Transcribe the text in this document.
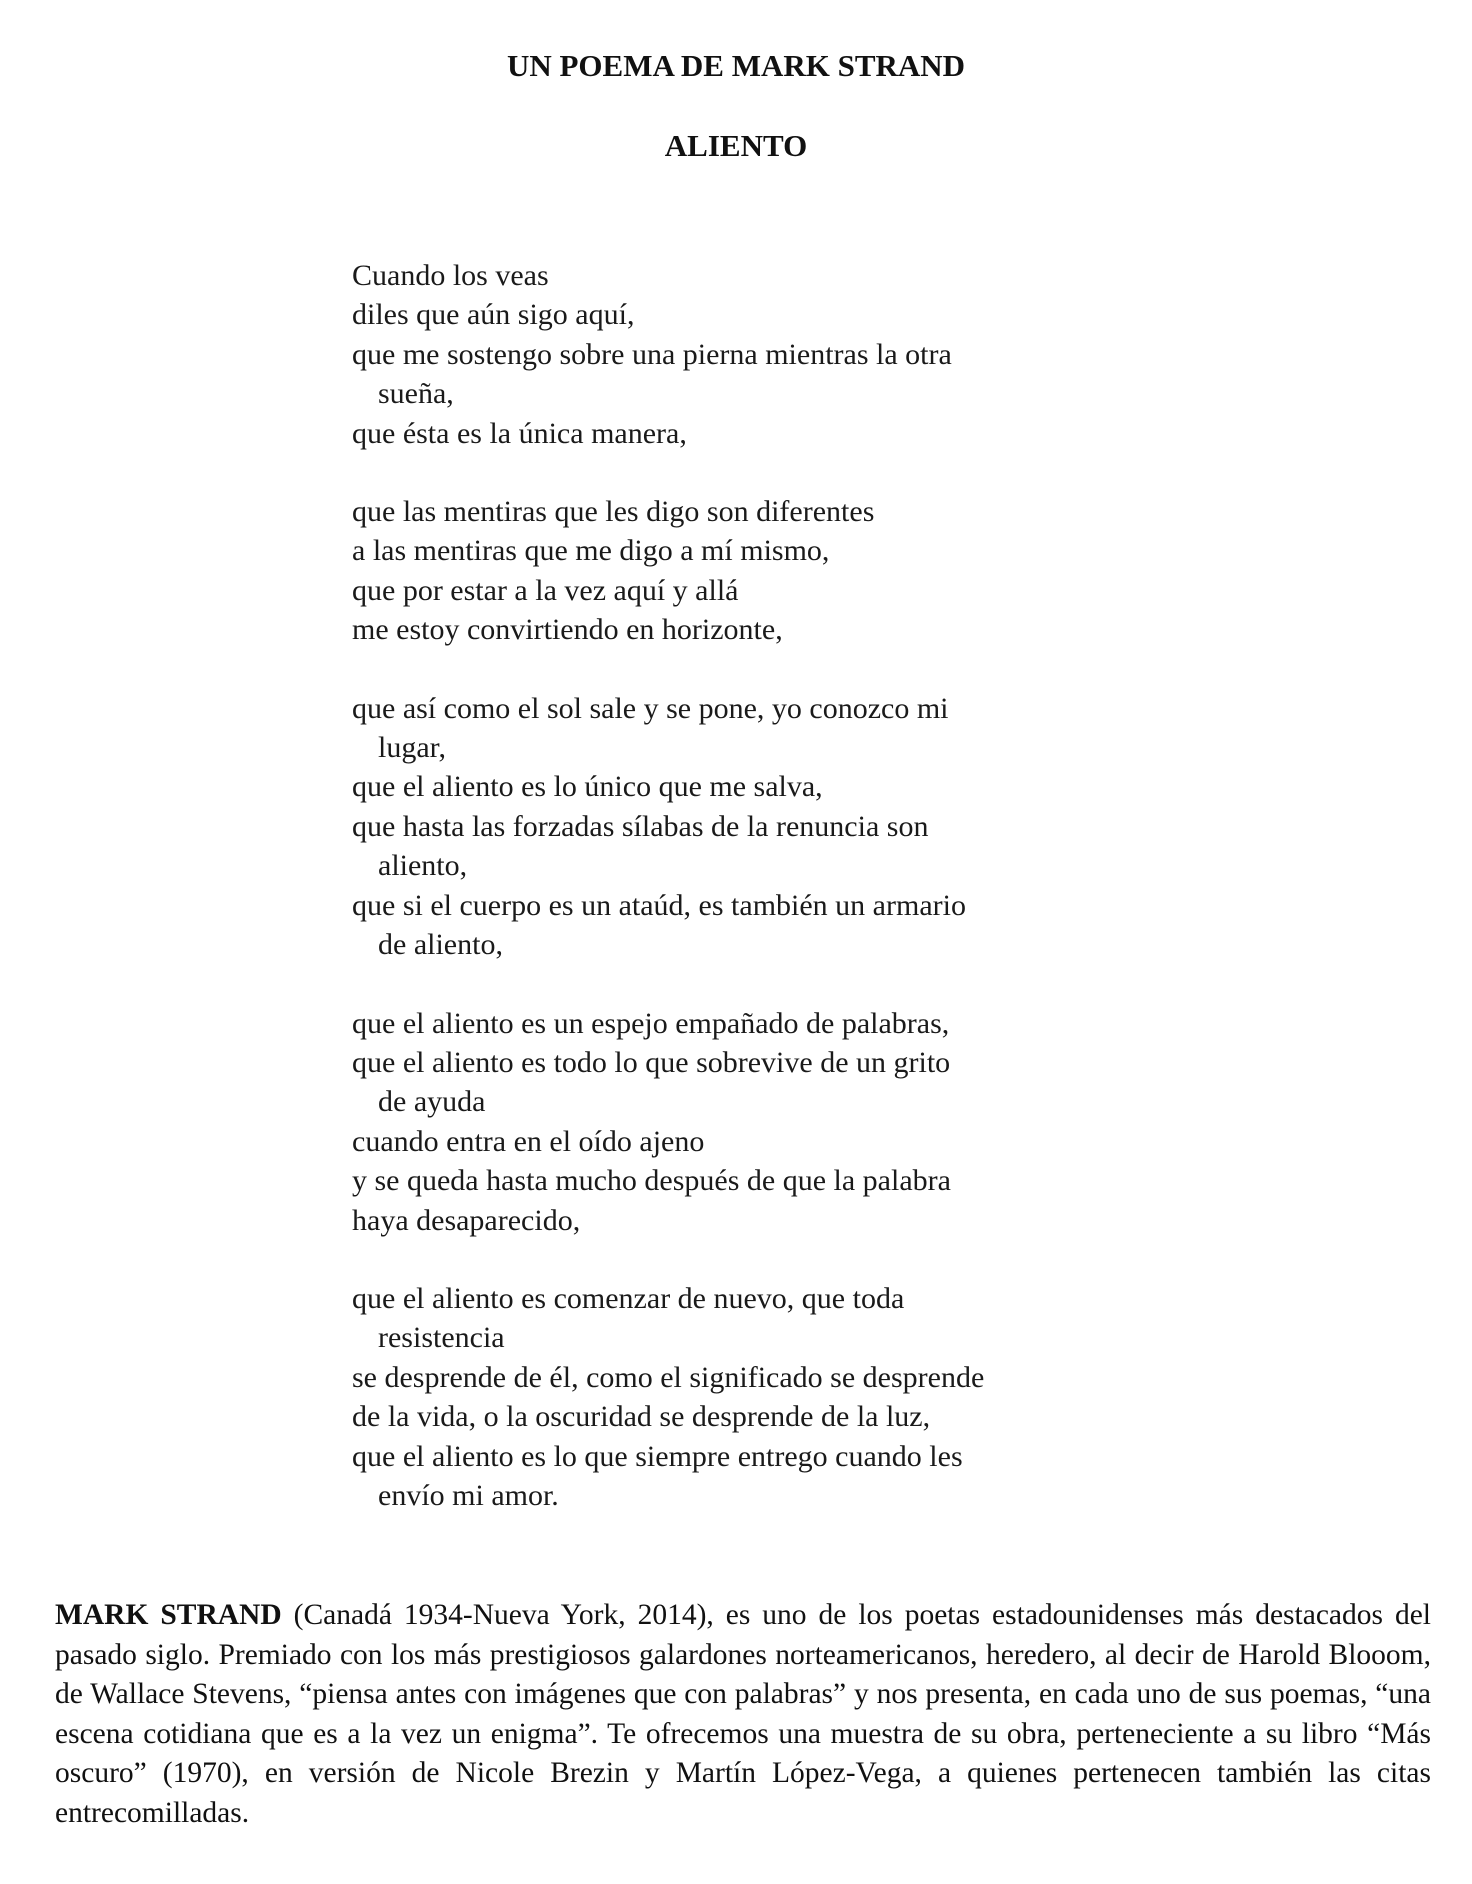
UN POEMA DE MARK STRAND
ALIENTO
Cuando los veas
diles que aún sigo aquí,
que me sostengo sobre una pierna mientras la otra
sueña,
que ésta es la única manera,
que las mentiras que les digo son diferentes
a las mentiras que me digo a mí mismo,
que por estar a la vez aquí y allá
me estoy convirtiendo en horizonte,
que así como el sol sale y se pone, yo conozco mi
lugar,
que el aliento es lo único que me salva,
que hasta las forzadas sílabas de la renuncia son
aliento,
que si el cuerpo es un ataúd, es también un armario
de aliento,
que el aliento es un espejo empañado de palabras,
que el aliento es todo lo que sobrevive de un grito
de ayuda
cuando entra en el oído ajeno
y se queda hasta mucho después de que la palabra
haya desaparecido,
que el aliento es comenzar de nuevo, que toda
resistencia
se desprende de él, como el significado se desprende
de la vida, o la oscuridad se desprende de la luz,
que el aliento es lo que siempre entrego cuando les
envío mi amor.
MARK STRAND (Canadá 1934-Nueva York, 2014), es uno de los poetas estadounidenses más destacados del pasado siglo. Premiado con los más prestigiosos galardones norteamericanos, heredero, al decir de Harold Blooom, de Wallace Stevens, “piensa antes con imágenes que con palabras” y nos presenta, en cada uno de sus poemas, “una escena cotidiana que es a la vez un enigma”. Te ofrecemos una muestra de su obra, perteneciente a su libro “Más oscuro” (1970), en versión de Nicole Brezin y Martín López-Vega, a quienes pertenecen también las citas entrecomilladas.
